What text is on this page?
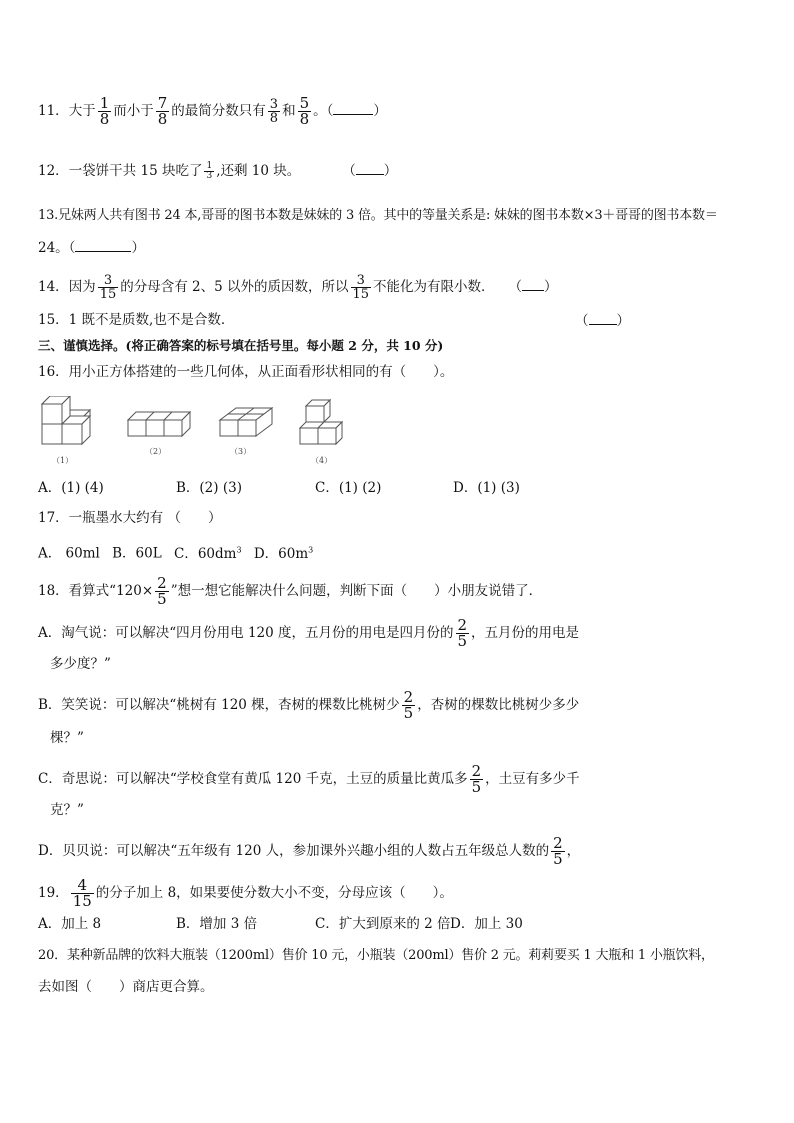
11．大于 $\frac{1}{8}$ 而小于 $\frac{7}{8}$ 的最简分数只有 $\frac{3}{8}$ 和 $\frac{5}{8}$ 。（	）
12．一袋饼干共 15 块吃了 $\frac{1}{3}$ ,还剩 10 块。	（ ）
13.兄妹两人共有图书 24 本,哥哥的图书本数是妹妹的 3 倍。其中的等量关系是: 妹妹的图书本数×3＋哥哥的图书本数＝
24。（	）
14．因为 $\frac{3}{15}$ 的分母含有 2、5 以外的质因数，所以 $\frac{3}{15}$ 不能化为有限小数． （ ）
15．1 既不是质数,也不是合数．	（ ）
三、谨慎选择。(将正确答案的标号填在括号里。每小题 2 分，共 10 分)
16．用小正方体搭建的一些几何体，从正面看形状相同的有（　　）。
（1）
（2）	（3）
（4）
A．(1) (4)	B．(2) (3)	C．(1) (2)	D．(1) (3)
17．一瓶墨水大约有 （　　）
A． 60ml B．60L C．$60dm^3$ D．$60m^3$
18．看算式“$120\times \frac{2}{5}$ ”想一想它能解决什么问题，判断下面（　　）小朋友说错了．
A．淘气说：可以解决“四月份用电 120 度，五月份的用电是四月份的 $\frac{2}{5}$ ，五月份的用电是
多少度？”
B．笑笑说：可以解决“桃树有 120 棵，杏树的棵数比桃树少 $\frac{2}{5}$ ，杏树的棵数比桃树少多少
棵？”
C．奇思说：可以解决“学校食堂有黄瓜 120 千克，土豆的质量比黄瓜多 $\frac{2}{5}$ ，土豆有多少千
克？”
D．贝贝说：可以解决“五年级有 120 人，参加课外兴趣小组的人数占五年级总人数的 $\frac{2}{5}$ ，
19． $\frac{4}{15}$ 的分子加上 8，如果要使分数大小不变，分母应该（　　）。
A．加上 8	B．增加 3 倍	C．扩大到原来的 2 倍 D．加上 30
20．某种新品牌的饮料大瓶装（1200ml）售价 10 元，小瓶装（200ml）售价 2 元。莉莉要买 1 大瓶和 1 小瓶饮料，
去如图（　　）商店更合算。
